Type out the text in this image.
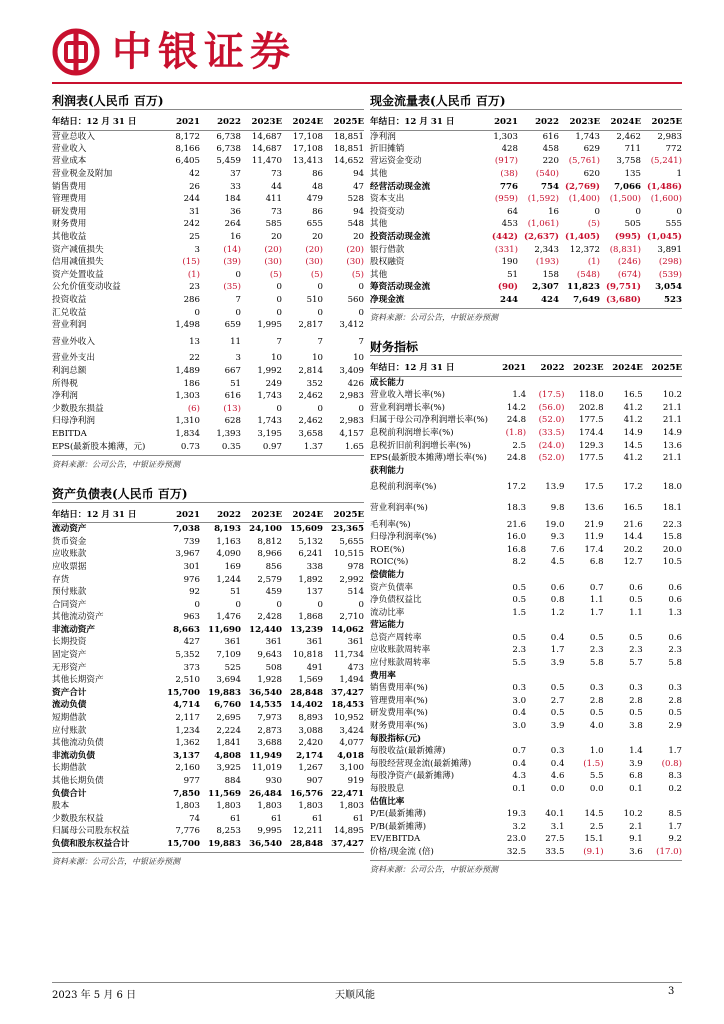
中银证券
利润表(人民币 百万)
年结日：12 月 31 日	2021	2022	2023E	2024E	2025E
营业总收入	8,172	6,738	14,687	17,108	18,851
营业收入	8,166	6,738	14,687	17,108	18,851
营业成本	6,405	5,459	11,470	13,413	14,652
营业税金及附加	42	37	73	86	94
销售费用	26	33	44	48	47
管理费用	244	184	411	479	528
研发费用	31	36	73	86	94
财务费用	242	264	585	655	548
其他收益	25	16	20	20	20
资产减值损失	3	(14)	(20)	(20)	(20)
信用减值损失	(15)	(39)	(30)	(30)	(30)
资产处置收益	(1)	0	(5)	(5)	(5)
公允价值变动收益	23	(35)	0	0	0
投资收益	286	7	0	510	560
汇兑收益	0	0	0	0	0
营业利润	1,498	659	1,995	2,817	3,412
营业外收入	13	11	7	7	7
营业外支出	22	3	10	10	10
利润总额	1,489	667	1,992	2,814	3,409
所得税	186	51	249	352	426
净利润	1,303	616	1,743	2,462	2,983
少数股东损益	(6)	(13)	0	0	0
归母净利润	1,310	628	1,743	2,462	2,983
EBITDA	1,834	1,393	3,195	3,658	4,157
EPS(最新股本摊薄，元)	0.73	0.35	0.97	1.37	1.65
资料来源：公司公告，中银证券预测
资产负债表(人民币 百万)
年结日：12 月 31 日	2021	2022	2023E	2024E	2025E
流动资产	7,038	8,193	24,100	15,609	23,365
货币资金	739	1,163	8,812	5,132	5,655
应收账款	3,967	4,090	8,966	6,241	10,515
应收票据	301	169	856	338	978
存货	976	1,244	2,579	1,892	2,992
预付账款	92	51	459	137	514
合同资产	0	0	0	0	0
其他流动资产	963	1,476	2,428	1,868	2,710
非流动资产	8,663	11,690	12,440	13,239	14,062
长期投资	427	361	361	361	361
固定资产	5,352	7,109	9,643	10,818	11,734
无形资产	373	525	508	491	473
其他长期资产	2,510	3,694	1,928	1,569	1,494
资产合计	15,700	19,883	36,540	28,848	37,427
流动负债	4,714	6,760	14,535	14,402	18,453
短期借款	2,117	2,695	7,973	8,893	10,952
应付账款	1,234	2,224	2,873	3,088	3,424
其他流动负债	1,362	1,841	3,688	2,420	4,077
非流动负债	3,137	4,808	11,949	2,174	4,018
长期借款	2,160	3,925	11,019	1,267	3,100
其他长期负债	977	884	930	907	919
负债合计	7,850	11,569	26,484	16,576	22,471
股本	1,803	1,803	1,803	1,803	1,803
少数股东权益	74	61	61	61	61
归属母公司股东权益	7,776	8,253	9,995	12,211	14,895
负债和股东权益合计	15,700	19,883	36,540	28,848	37,427
资料来源：公司公告，中银证券预测
现金流量表(人民币 百万)
年结日：12 月 31 日	2021	2022	2023E	2024E	2025E
净利润	1,303	616	1,743	2,462	2,983
折旧摊销	428	458	629	711	772
营运资金变动	(917)	220	(5,761)	3,758	(5,241)
其他	(38)	(540)	620	135	1
经营活动现金流	776	754	(2,769)	7,066	(1,486)
资本支出	(959)	(1,592)	(1,400)	(1,500)	(1,600)
投资变动	64	16	0	0	0
其他	453	(1,061)	(5)	505	555
投资活动现金流	(442)	(2,637)	(1,405)	(995)	(1,045)
银行借款	(331)	2,343	12,372	(8,831)	3,891
股权融资	190	(193)	(1)	(246)	(298)
其他	51	158	(548)	(674)	(539)
筹资活动现金流	(90)	2,307	11,823	(9,751)	3,054
净现金流	244	424	7,649	(3,680)	523
资料来源：公司公告，中银证券预测
财务指标
年结日：12 月 31 日	2021	2022	2023E	2024E	2025E
成长能力					
营业收入增长率(%)	1.4	(17.5)	118.0	16.5	10.2
营业利润增长率(%)	14.2	(56.0)	202.8	41.2	21.1
归属于母公司净利润增长率(%)	24.8	(52.0)	177.5	41.2	21.1
息税前利润增长率(%)	(1.8)	(33.5)	174.4	14.9	14.9
息税折旧前利润增长率(%)	2.5	(24.0)	129.3	14.5	13.6
EPS(最新股本摊薄)增长率(%)	24.8	(52.0)	177.5	41.2	21.1
获利能力					
息税前利润率(%)	17.2	13.9	17.5	17.2	18.0
营业利润率(%)	18.3	9.8	13.6	16.5	18.1
毛利率(%)	21.6	19.0	21.9	21.6	22.3
归母净利润率(%)	16.0	9.3	11.9	14.4	15.8
ROE(%)	16.8	7.6	17.4	20.2	20.0
ROIC(%)	8.2	4.5	6.8	12.7	10.5
偿债能力					
资产负债率	0.5	0.6	0.7	0.6	0.6
净负债权益比	0.5	0.8	1.1	0.5	0.6
流动比率	1.5	1.2	1.7	1.1	1.3
营运能力					
总资产周转率	0.5	0.4	0.5	0.5	0.6
应收账款周转率	2.3	1.7	2.3	2.3	2.3
应付账款周转率	5.5	3.9	5.8	5.7	5.8
费用率					
销售费用率(%)	0.3	0.5	0.3	0.3	0.3
管理费用率(%)	3.0	2.7	2.8	2.8	2.8
研发费用率(%)	0.4	0.5	0.5	0.5	0.5
财务费用率(%)	3.0	3.9	4.0	3.8	2.9
每股指标(元)					
每股收益(最新摊薄)	0.7	0.3	1.0	1.4	1.7
每股经营现金流(最新摊薄)	0.4	0.4	(1.5)	3.9	(0.8)
每股净资产(最新摊薄)	4.3	4.6	5.5	6.8	8.3
每股股息	0.1	0.0	0.0	0.1	0.2
估值比率					
P/E(最新摊薄)	19.3	40.1	14.5	10.2	8.5
P/B(最新摊薄)	3.2	3.1	2.5	2.1	1.7
EV/EBITDA	23.0	27.5	15.1	9.1	9.2
价格/现金流 (倍)	32.5	33.5	(9.1)	3.6	(17.0)
资料来源：公司公告，中银证券预测
2023 年 5 月 6 日	天顺风能	3
